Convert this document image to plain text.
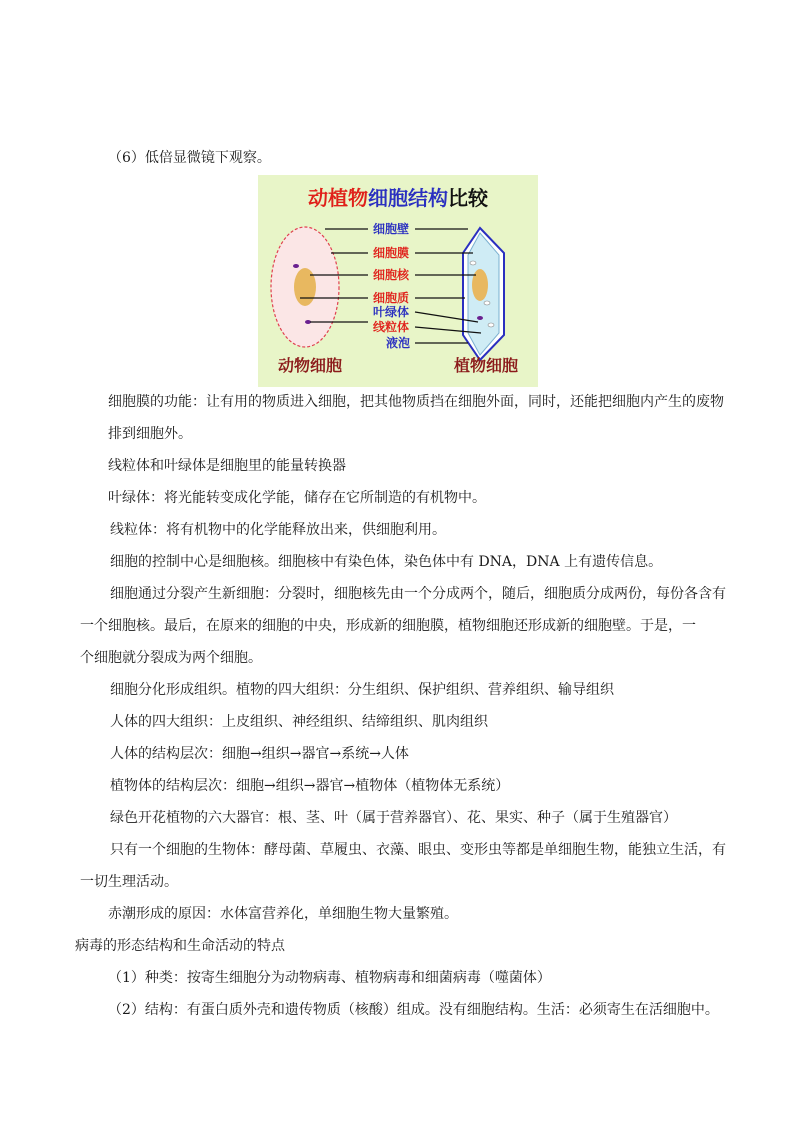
（6）低倍显微镜下观察。
动植物细胞结构比较
细胞壁
细胞膜
细胞核
细胞质
叶绿体
线粒体
液泡
动物细胞	植物细胞
细胞膜的功能：让有用的物质进入细胞，把其他物质挡在细胞外面，同时，还能把细胞内产生的废物
排到细胞外。
线粒体和叶绿体是细胞里的能量转换器
叶绿体：将光能转变成化学能，储存在它所制造的有机物中。
线粒体：将有机物中的化学能释放出来，供细胞利用。
细胞的控制中心是细胞核。细胞核中有染色体，染色体中有 DNA，DNA 上有遗传信息。
细胞通过分裂产生新细胞：分裂时，细胞核先由一个分成两个，随后，细胞质分成两份，每份各含有
一个细胞核。最后，在原来的细胞的中央，形成新的细胞膜，植物细胞还形成新的细胞壁。于是，一
个细胞就分裂成为两个细胞。
细胞分化形成组织。植物的四大组织：分生组织、保护组织、营养组织、输导组织
人体的四大组织：上皮组织、神经组织、结缔组织、肌肉组织
人体的结构层次：细胞→组织→器官→系统→人体
植物体的结构层次：细胞→组织→器官→植物体（植物体无系统）
绿色开花植物的六大器官：根、茎、叶（属于营养器官）、花、果实、种子（属于生殖器官）
只有一个细胞的生物体：酵母菌、草履虫、衣藻、眼虫、变形虫等都是单细胞生物，能独立生活，有
一切生理活动。
赤潮形成的原因：水体富营养化，单细胞生物大量繁殖。
病毒的形态结构和生命活动的特点
（1）种类：按寄生细胞分为动物病毒、植物病毒和细菌病毒（噬菌体）
（2）结构：有蛋白质外壳和遗传物质（核酸）组成。没有细胞结构。生活：必须寄生在活细胞中。
